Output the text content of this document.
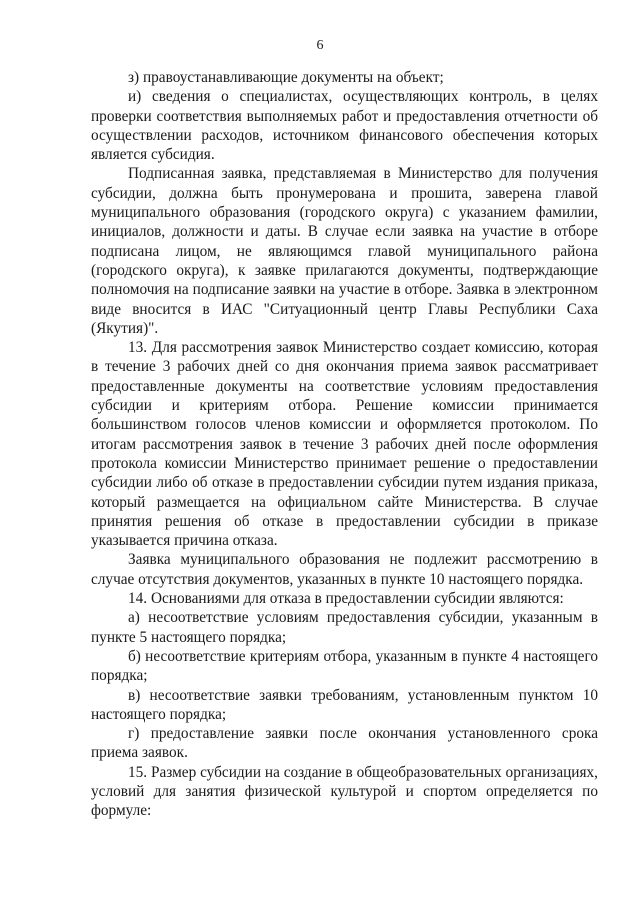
6

з) правоустанавливающие документы на объект;

и) сведения о специалистах, осуществляющих контроль, в целях проверки соответствия выполняемых работ и предоставления отчетности об осуществлении расходов, источником финансового обеспечения которых является субсидия.

Подписанная заявка, представляемая в Министерство для получения субсидии, должна быть пронумерована и прошита, заверена главой муниципального образования (городского округа) с указанием фамилии, инициалов, должности и даты. В случае если заявка на участие в отборе подписана лицом, не являющимся главой муниципального района (городского округа), к заявке прилагаются документы, подтверждающие полномочия на подписание заявки на участие в отборе. Заявка в электронном виде вносится в ИАС "Ситуационный центр Главы Республики Саха (Якутия)".

13. Для рассмотрения заявок Министерство создает комиссию, которая в течение 3 рабочих дней со дня окончания приема заявок рассматривает предоставленные документы на соответствие условиям предоставления субсидии и критериям отбора. Решение комиссии принимается большинством голосов членов комиссии и оформляется протоколом. По итогам рассмотрения заявок в течение 3 рабочих дней после оформления протокола комиссии Министерство принимает решение о предоставлении субсидии либо об отказе в предоставлении субсидии путем издания приказа, который размещается на официальном сайте Министерства. В случае принятия решения об отказе в предоставлении субсидии в приказе указывается причина отказа.

Заявка муниципального образования не подлежит рассмотрению в случае отсутствия документов, указанных в пункте 10 настоящего порядка.

14. Основаниями для отказа в предоставлении субсидии являются:

а) несоответствие условиям предоставления субсидии, указанным в пункте 5 настоящего порядка;

б) несоответствие критериям отбора, указанным в пункте 4 настоящего порядка;

в) несоответствие заявки требованиям, установленным пунктом 10 настоящего порядка;

г) предоставление заявки после окончания установленного срока приема заявок.

15. Размер субсидии на создание в общеобразовательных организациях, условий для занятия физической культурой и спортом определяется по формуле:
